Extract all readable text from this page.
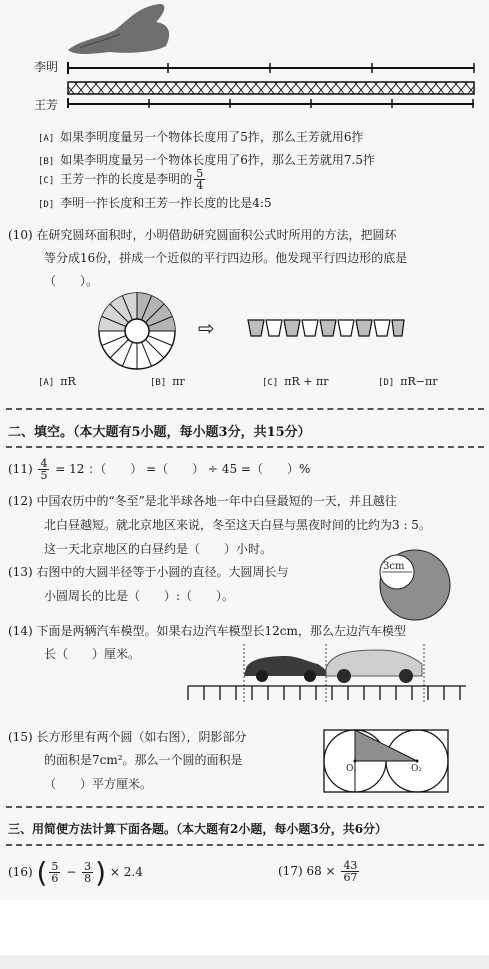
李明
王芳
[A] 如果李明度量另一个物体长度用了5拃，那么王芳就用6拃
[B] 如果李明度量另一个物体长度用了6拃，那么王芳就用7.5拃
[C] 王芳一拃的长度是李明的 $\frac{5}{4}$
[D] 李明一拃长度和王芳一拃长度的比是4:5
(10) 在研究圆环面积时，小明借助研究圆面积公式时所用的方法，把圆环
等分成16份，拼成一个近似的平行四边形。他发现平行四边形的底是
（　　）。
⇨
[A] πR	[B] πr	[C] πR + πr	[D] πR−πr
二、填空。（本大题有5小题，每小题3分，共15分）
$(11) \frac{4}{5} = 12$ ：（　　） =（　　） ÷ 45 =（　　）%
(12) 中国农历中的“冬至”是北半球各地一年中白昼最短的一天，并且越往
北白昼越短。就北京地区来说，冬至这天白昼与黑夜时间的比约为3 : 5。
这一天北京地区的白昼约是（　　）小时。
(13) 右图中的大圆半径等于小圆的直径。大圆周长与
小圆周长的比是（　　）:（　　）。
3cm
(14) 下面是两辆汽车模型。如果右边汽车模型长12cm，那么左边汽车模型
长（　　）厘米。
(15) 长方形里有两个圆（如右图），阴影部分
的面积是7cm²。那么一个圆的面积是
（　　）平方厘米。
O₁	O₂
三、用简便方法计算下面各题。（本大题有2小题，每小题3分，共6分）
(16) ( $\frac{5}{6} - \frac{3}{8}$ ) × 2.4	(17) $68 \times \frac{43}{67}$
